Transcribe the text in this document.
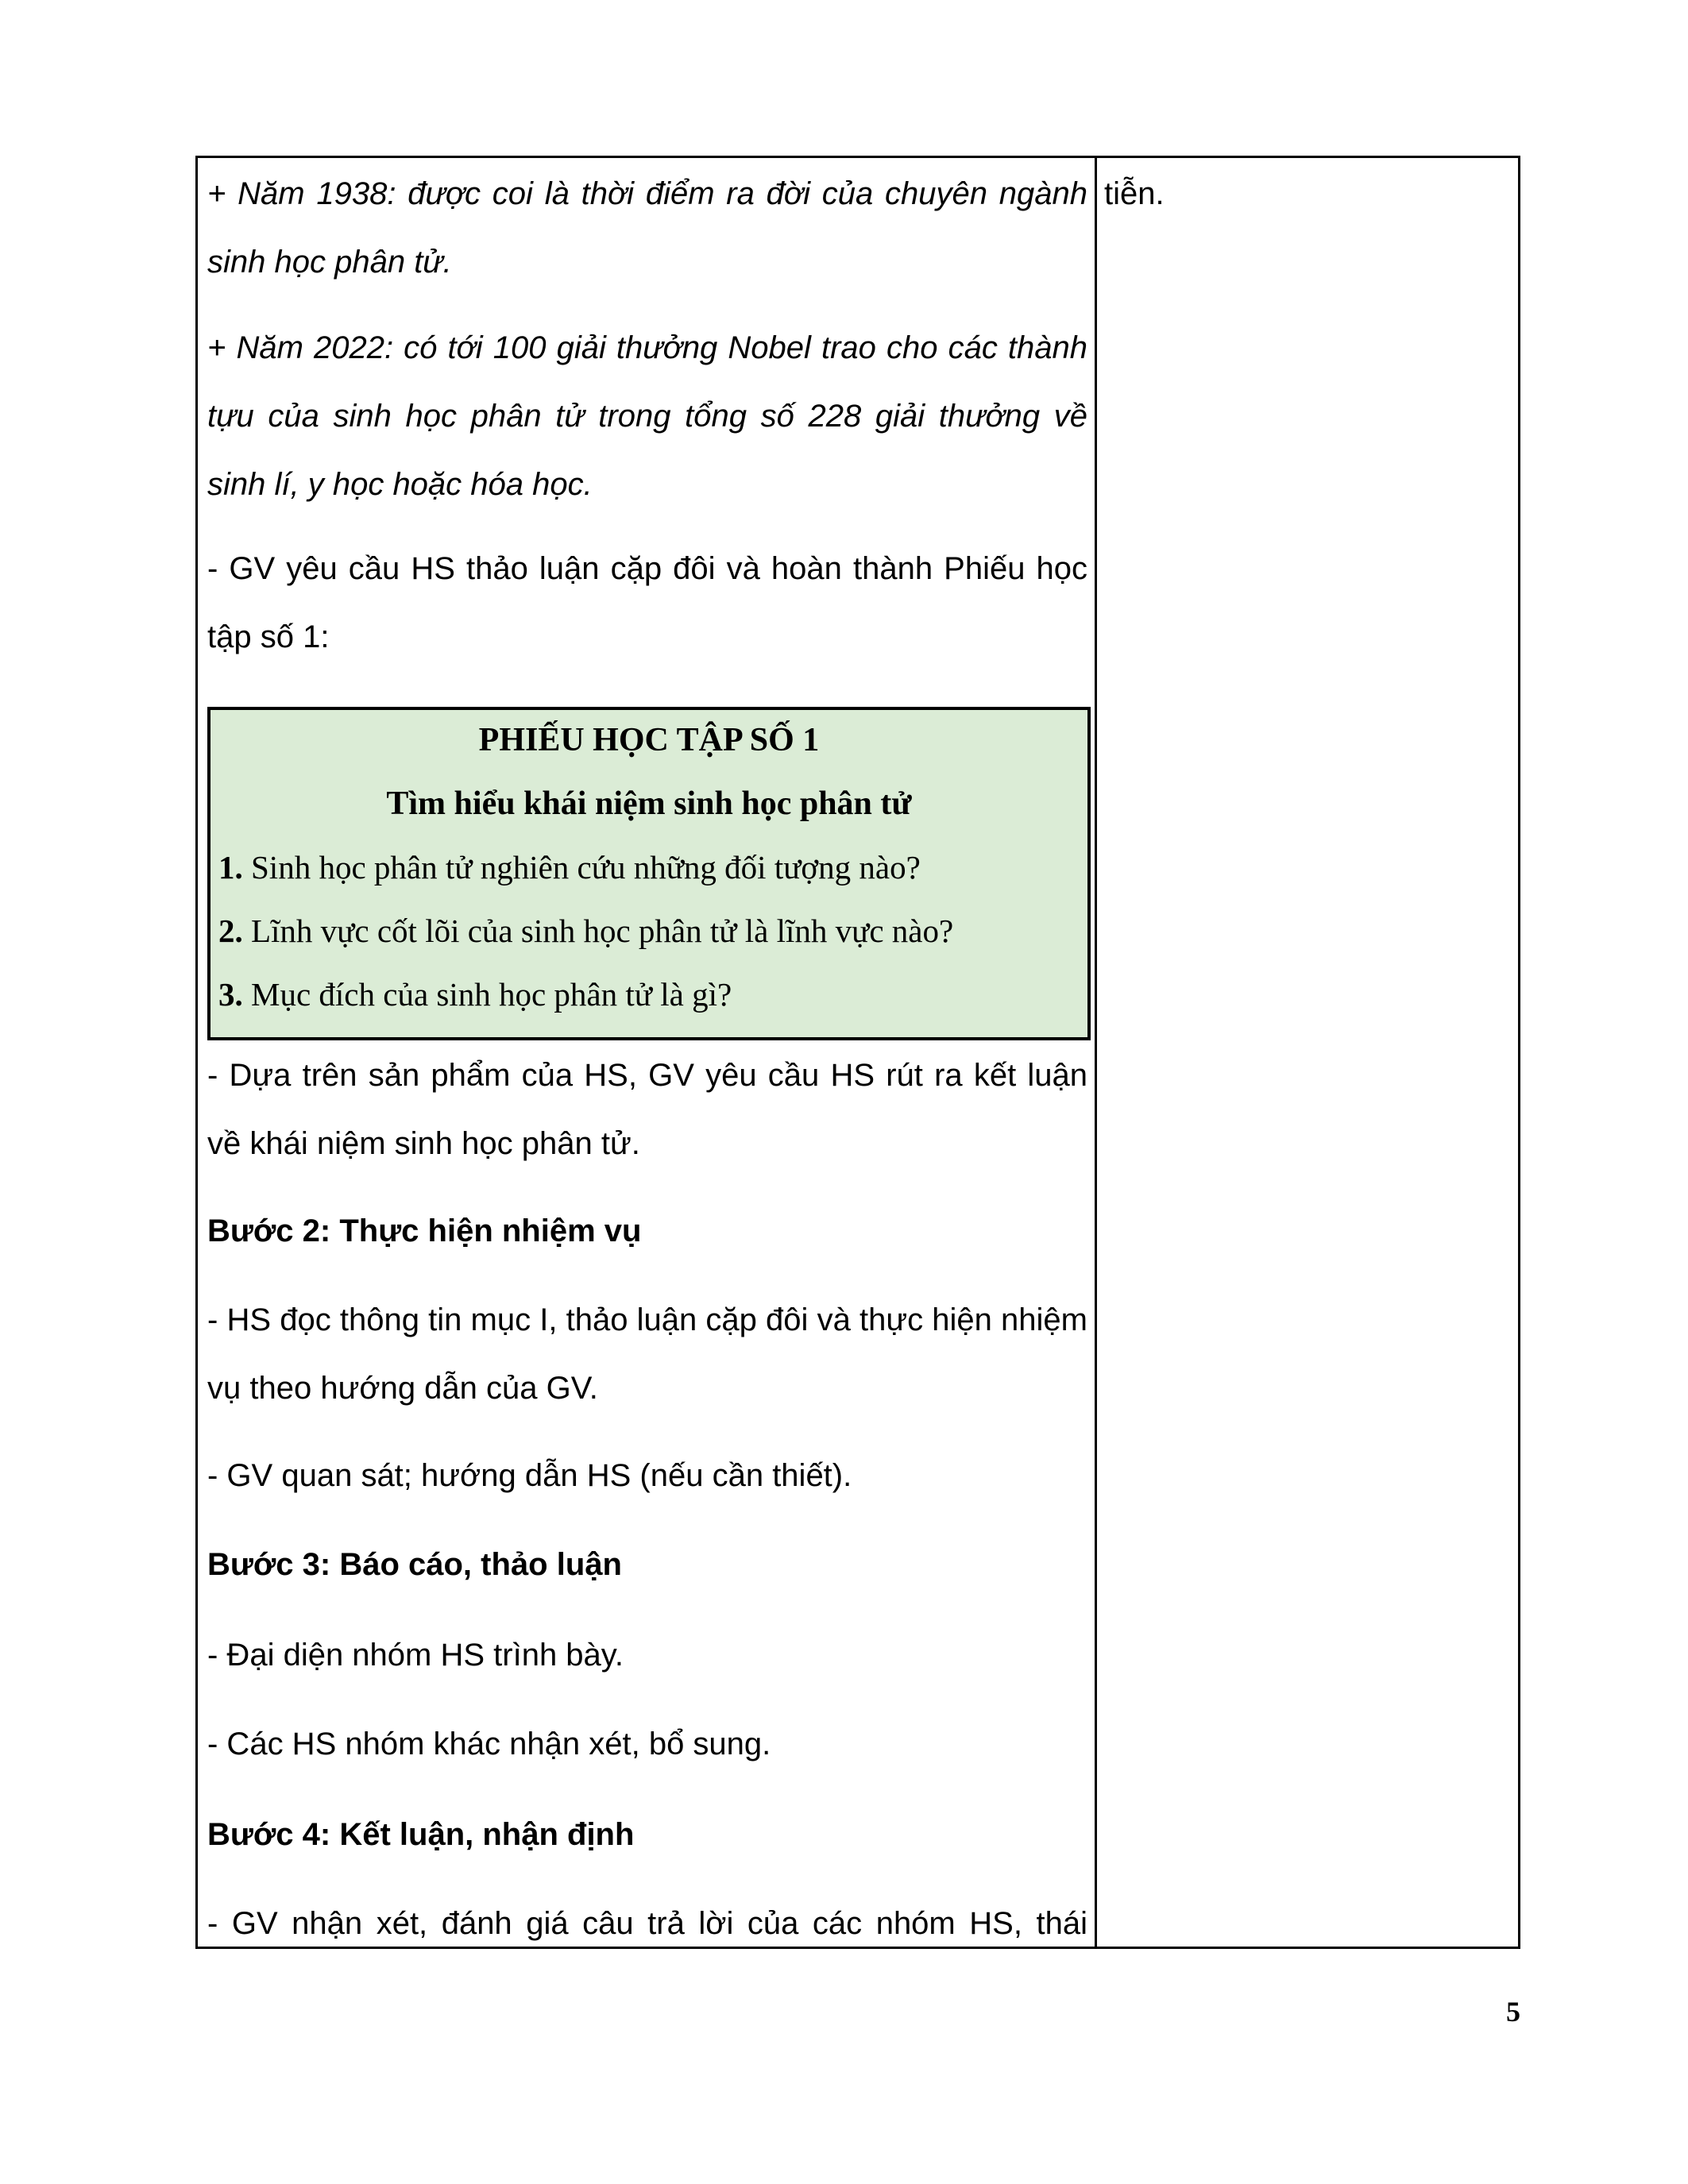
+ Năm 1938: được coi là thời điểm ra đời của chuyên ngành sinh học phân tử.

+ Năm 2022: có tới 100 giải thưởng Nobel trao cho các thành tựu của sinh học phân tử trong tổng số 228 giải thưởng về sinh lí, y học hoặc hóa học.

- GV yêu cầu HS thảo luận cặp đôi và hoàn thành Phiếu học tập số 1:

PHIẾU HỌC TẬP SỐ 1
Tìm hiểu khái niệm sinh học phân tử
1. Sinh học phân tử nghiên cứu những đối tượng nào?
2. Lĩnh vực cốt lõi của sinh học phân tử là lĩnh vực nào?
3. Mục đích của sinh học phân tử là gì?

- Dựa trên sản phẩm của HS, GV yêu cầu HS rút ra kết luận về khái niệm sinh học phân tử.

Bước 2: Thực hiện nhiệm vụ

- HS đọc thông tin mục I, thảo luận cặp đôi và thực hiện nhiệm vụ theo hướng dẫn của GV.

- GV quan sát; hướng dẫn HS (nếu cần thiết).

Bước 3: Báo cáo, thảo luận

- Đại diện nhóm HS trình bày.

- Các HS nhóm khác nhận xét, bổ sung.

Bước 4: Kết luận, nhận định

- GV nhận xét, đánh giá câu trả lời của các nhóm HS, thái

tiễn.
5
